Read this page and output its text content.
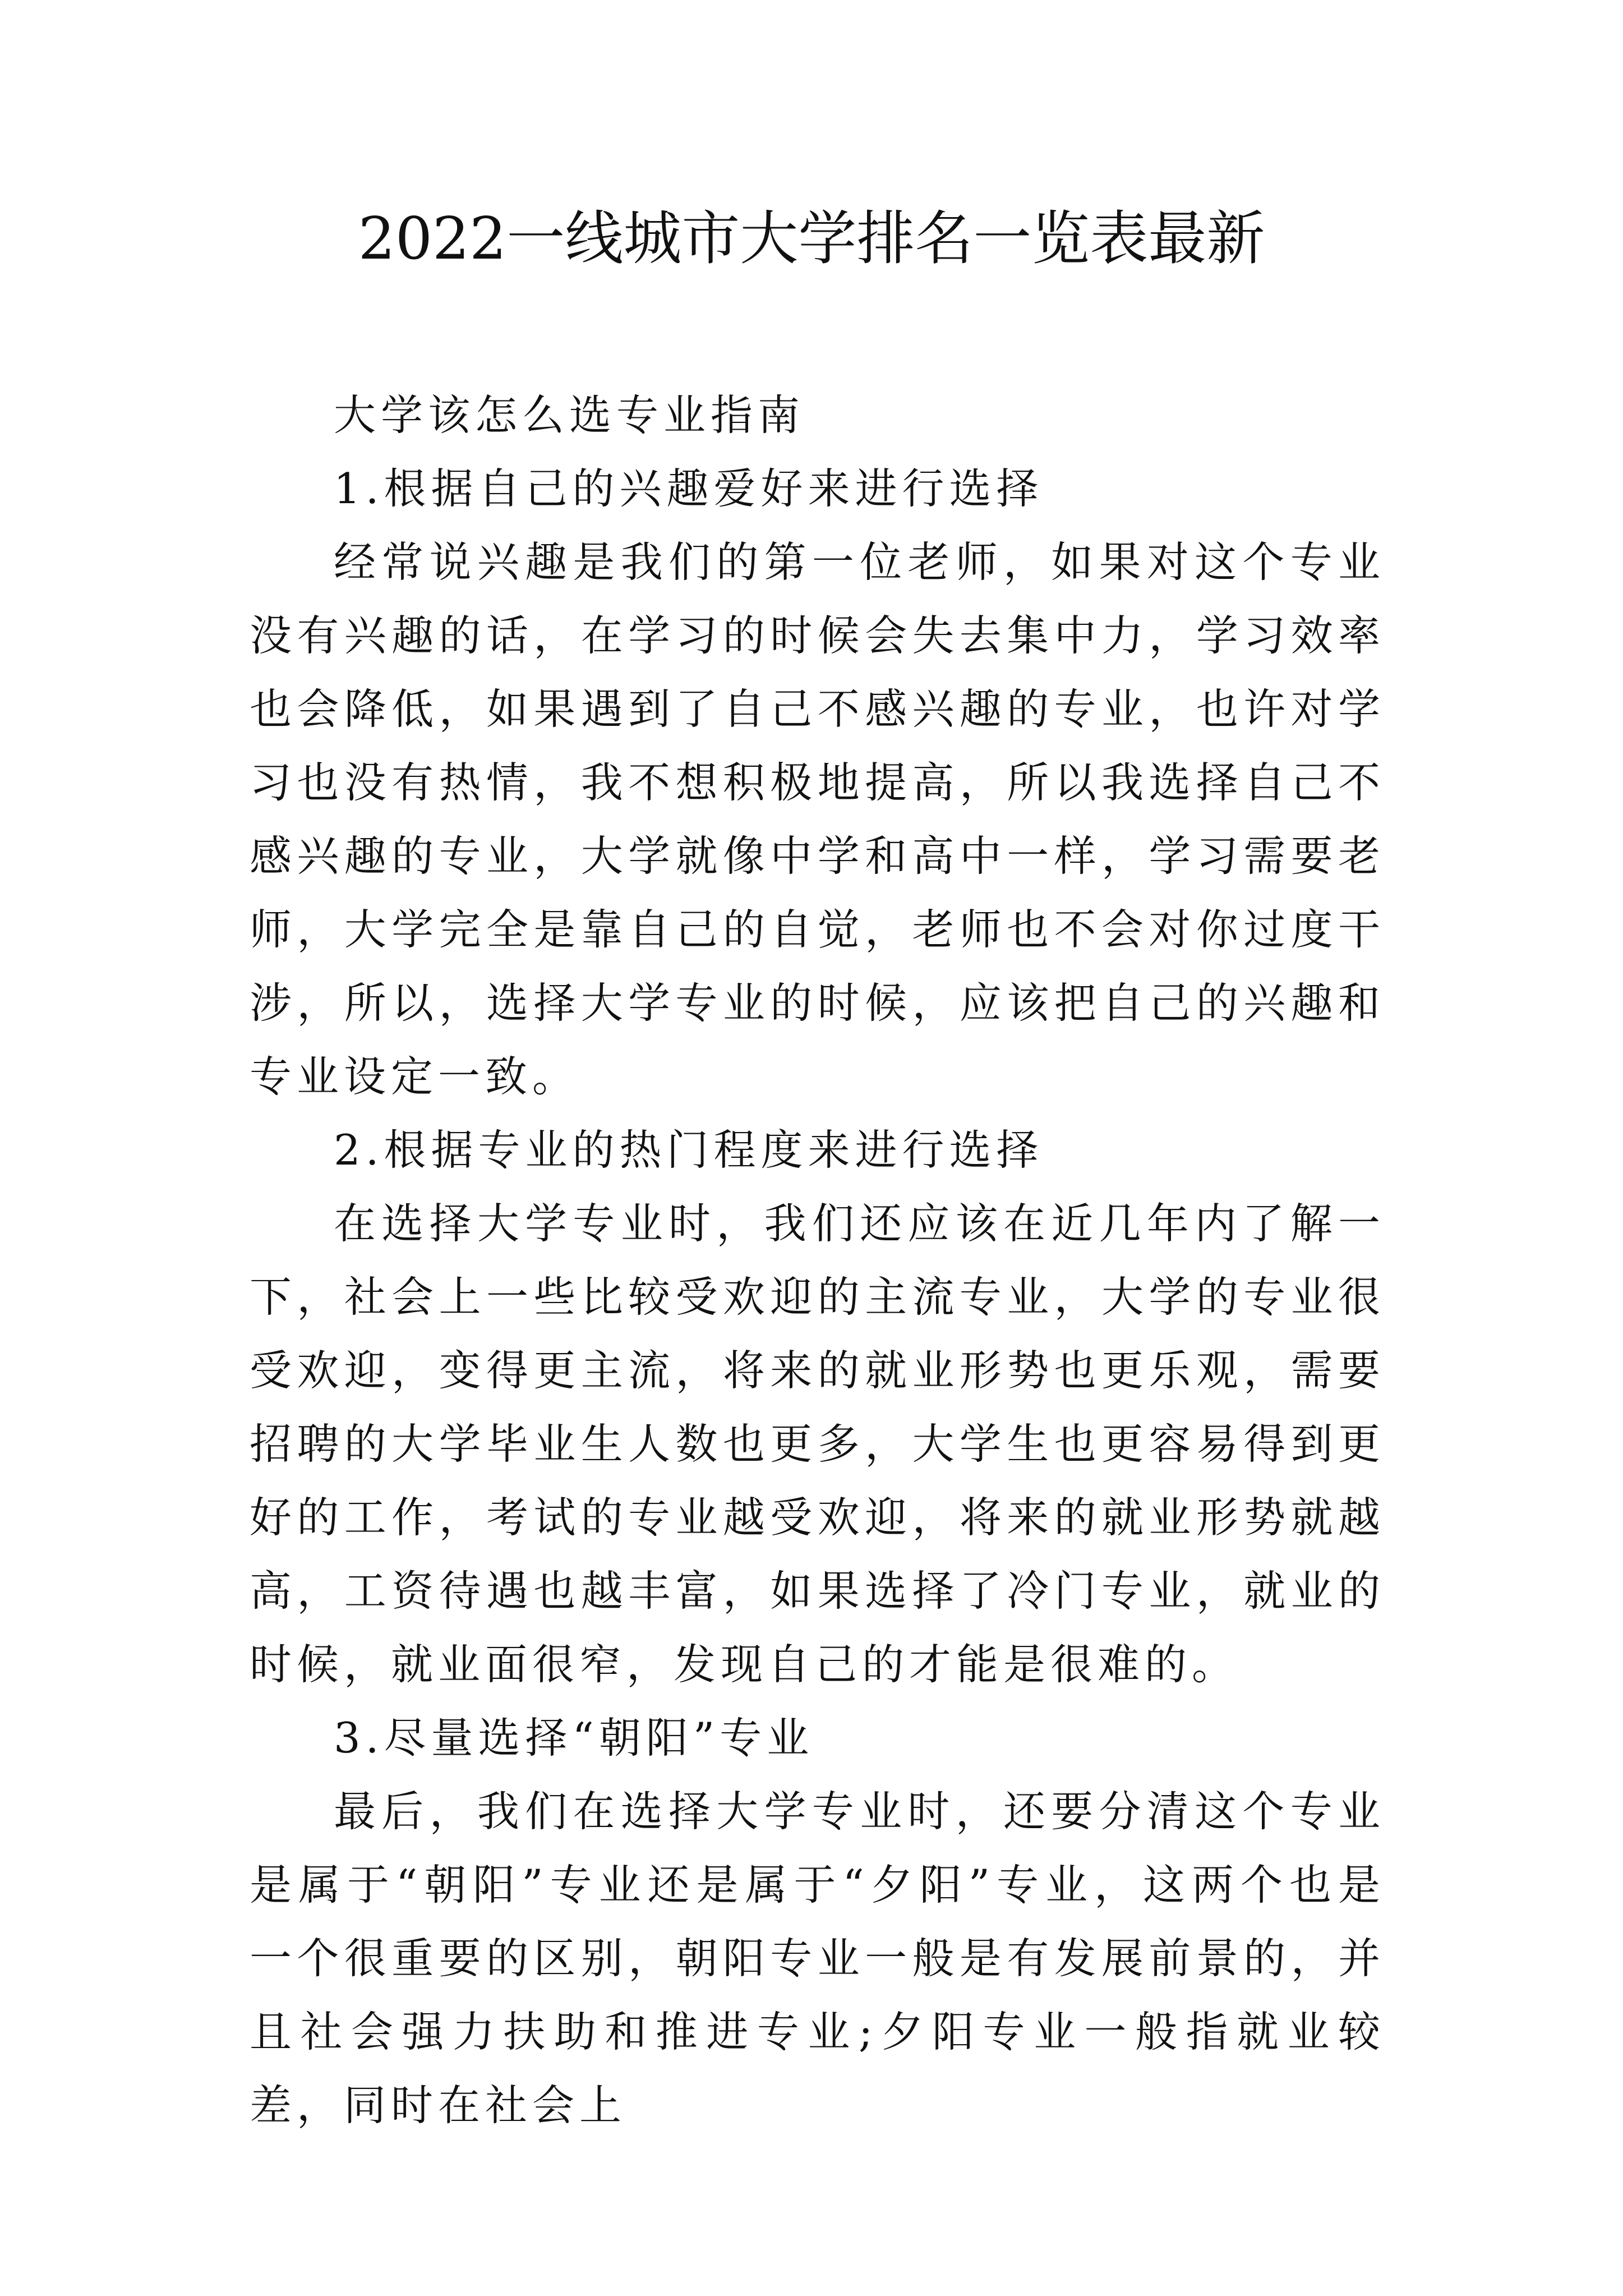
2022一线城市大学排名一览表最新

大学该怎么选专业指南

1.根据自己的兴趣爱好来进行选择

经常说兴趣是我们的第一位老师，如果对这个专业没有兴趣的话，在学习的时候会失去集中力，学习效率也会降低，如果遇到了自己不感兴趣的专业，也许对学习也没有热情，我不想积极地提高，所以我选择自己不感兴趣的专业，大学就像中学和高中一样，学习需要老师，大学完全是靠自己的自觉，老师也不会对你过度干涉，所以，选择大学专业的时候，应该把自己的兴趣和专业设定一致。

2.根据专业的热门程度来进行选择

在选择大学专业时，我们还应该在近几年内了解一下，社会上一些比较受欢迎的主流专业，大学的专业很受欢迎，变得更主流，将来的就业形势也更乐观，需要招聘的大学毕业生人数也更多，大学生也更容易得到更好的工作，考试的专业越受欢迎，将来的就业形势就越高，工资待遇也越丰富，如果选择了冷门专业，就业的时候，就业面很窄，发现自己的才能是很难的。

3.尽量选择“朝阳”专业

最后，我们在选择大学专业时，还要分清这个专业是属于“朝阳”专业还是属于“夕阳”专业，这两个也是一个很重要的区别，朝阳专业一般是有发展前景的，并且社会强力扶助和推进专业;夕阳专业一般指就业较差，同时在社会上
